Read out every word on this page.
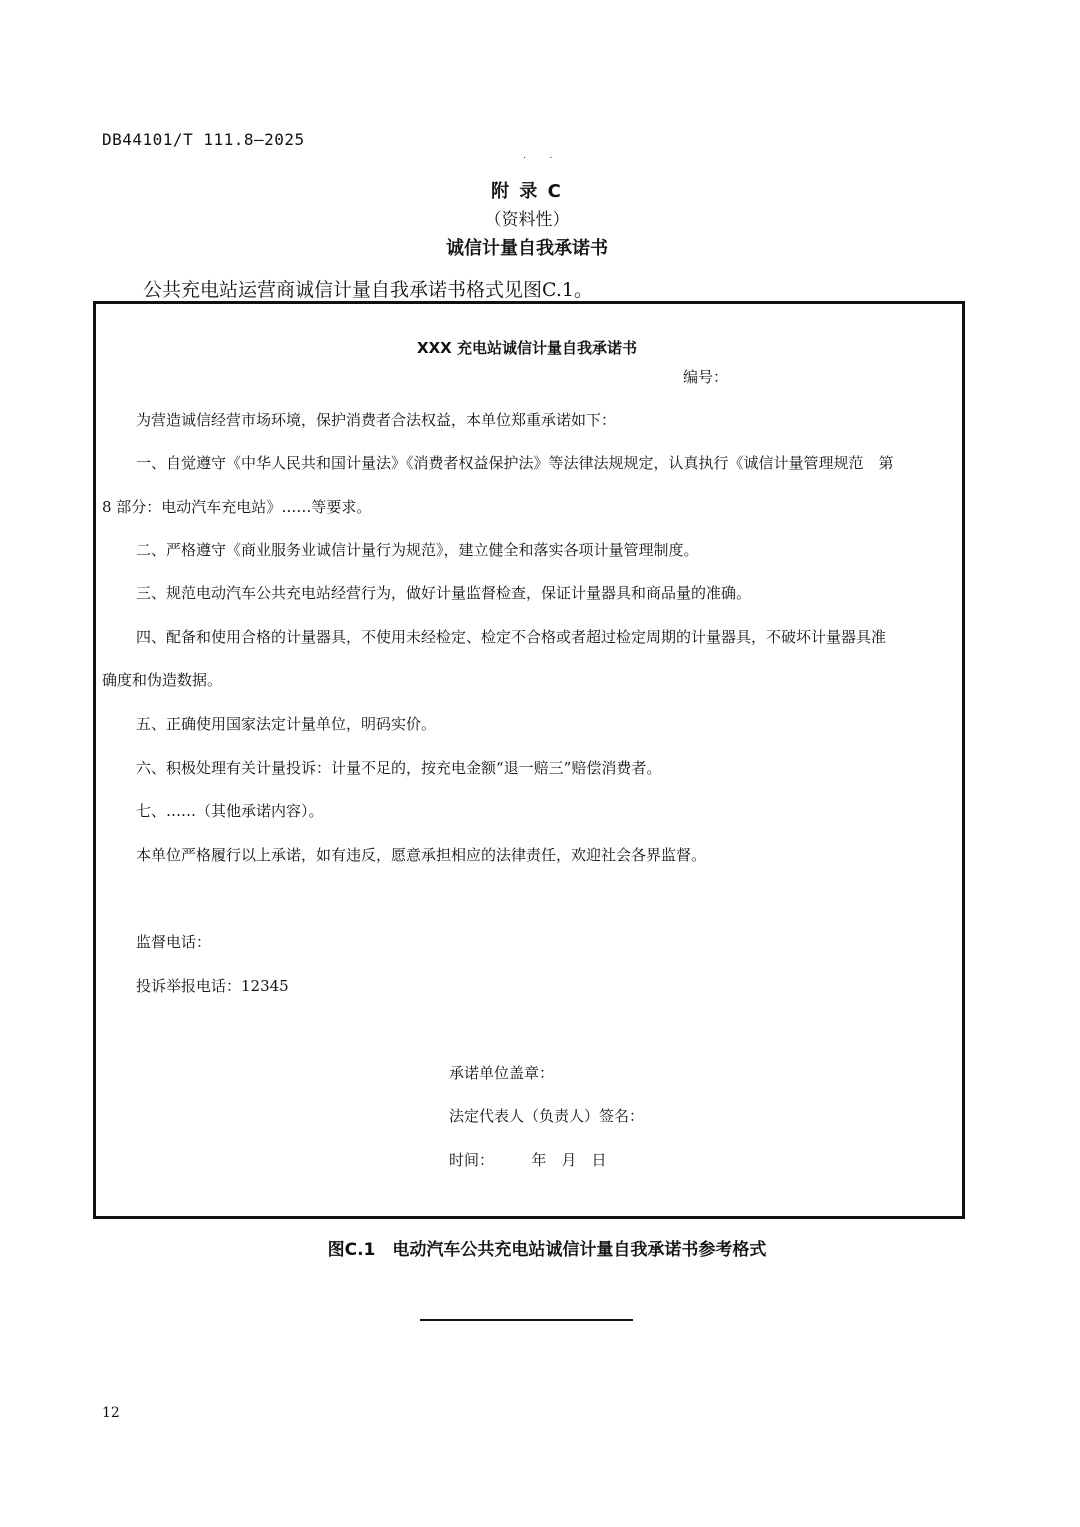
DB44101/T 111.8—2025
. .
附 录 C
（资料性）
诚信计量自我承诺书
公共充电站运营商诚信计量自我承诺书格式见图C.1。
XXX 充电站诚信计量自我承诺书
编号：
为营造诚信经营市场环境，保护消费者合法权益，本单位郑重承诺如下：
一、自觉遵守《中华人民共和国计量法》《消费者权益保护法》等法律法规规定，认真执行《诚信计量管理规范　第
8 部分：电动汽车充电站》……等要求。
二、严格遵守《商业服务业诚信计量行为规范》，建立健全和落实各项计量管理制度。
三、规范电动汽车公共充电站经营行为，做好计量监督检查，保证计量器具和商品量的准确。
四、配备和使用合格的计量器具，不使用未经检定、检定不合格或者超过检定周期的计量器具，不破坏计量器具准
确度和伪造数据。
五、正确使用国家法定计量单位，明码实价。
六、积极处理有关计量投诉：计量不足的，按充电金额“退一赔三”赔偿消费者。
七、……（其他承诺内容）。
本单位严格履行以上承诺，如有违反，愿意承担相应的法律责任，欢迎社会各界监督。
监督电话：
投诉举报电话：12345
承诺单位盖章：
法定代表人（负责人）签名：
时间：　　　年　月　日
图C.1　电动汽车公共充电站诚信计量自我承诺书参考格式
12
